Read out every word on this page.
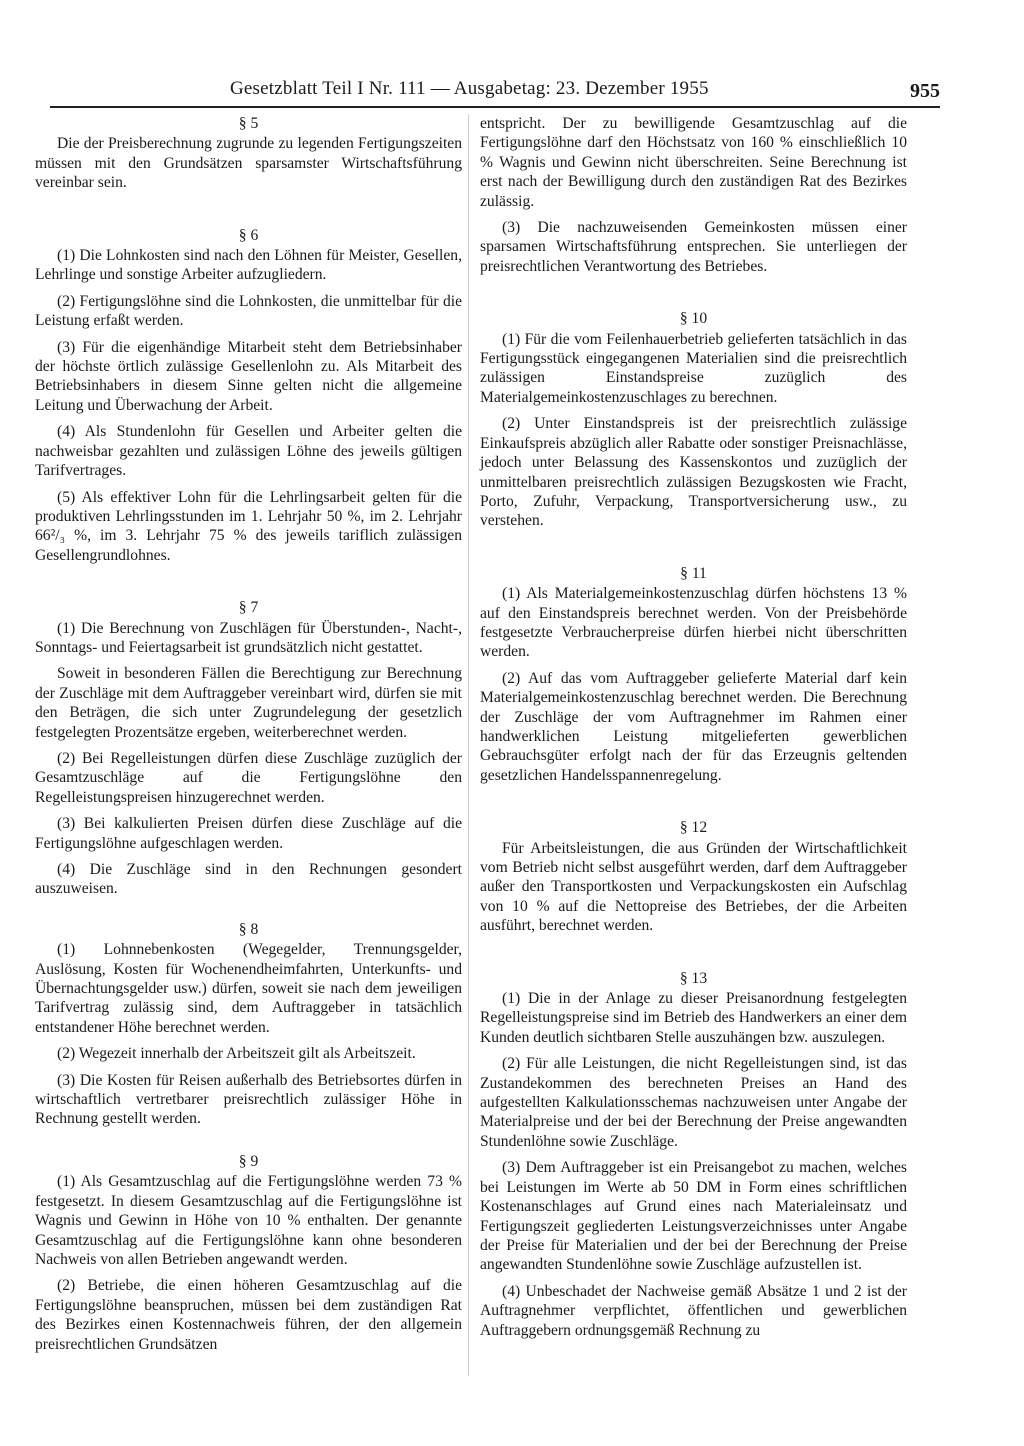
Gesetzblatt Teil I Nr. 111 — Ausgabetag: 23. Dezember 1955	955
§ 5

Die der Preisberechnung zugrunde zu legenden Fertigungszeiten müssen mit den Grundsätzen sparsamster Wirtschaftsführung vereinbar sein.

§ 6

(1) Die Lohnkosten sind nach den Löhnen für Meister, Gesellen, Lehrlinge und sonstige Arbeiter aufzugliedern.

(2) Fertigungslöhne sind die Lohnkosten, die unmittelbar für die Leistung erfaßt werden.

(3) Für die eigenhändige Mitarbeit steht dem Betriebsinhaber der höchste örtlich zulässige Gesellenlohn zu. Als Mitarbeit des Betriebsinhabers in diesem Sinne gelten nicht die allgemeine Leitung und Überwachung der Arbeit.

(4) Als Stundenlohn für Gesellen und Arbeiter gelten die nachweisbar gezahlten und zulässigen Löhne des jeweils gültigen Tarifvertrages.

(5) Als effektiver Lohn für die Lehrlingsarbeit gelten für die produktiven Lehrlingsstunden im 1. Lehrjahr 50 %, im 2. Lehrjahr 66²/₃ %, im 3. Lehrjahr 75 % des jeweils tariflich zulässigen Gesellengrundlohnes.

§ 7

(1) Die Berechnung von Zuschlägen für Überstunden-, Nacht-, Sonntags- und Feiertagsarbeit ist grundsätzlich nicht gestattet.

Soweit in besonderen Fällen die Berechtigung zur Berechnung der Zuschläge mit dem Auftraggeber vereinbart wird, dürfen sie mit den Beträgen, die sich unter Zugrundelegung der gesetzlich festgelegten Prozentsätze ergeben, weiterberechnet werden.

(2) Bei Regelleistungen dürfen diese Zuschläge zuzüglich der Gesamtzuschläge auf die Fertigungslöhne den Regelleistungspreisen hinzugerechnet werden.

(3) Bei kalkulierten Preisen dürfen diese Zuschläge auf die Fertigungslöhne aufgeschlagen werden.

(4) Die Zuschläge sind in den Rechnungen gesondert auszuweisen.

§ 8

(1) Lohnnebenkosten (Wegegelder, Trennungsgelder, Auslösung, Kosten für Wochenendheimfahrten, Unterkunfts- und Übernachtungsgelder usw.) dürfen, soweit sie nach dem jeweiligen Tarifvertrag zulässig sind, dem Auftraggeber in tatsächlich entstandener Höhe berechnet werden.

(2) Wegezeit innerhalb der Arbeitszeit gilt als Arbeitszeit.

(3) Die Kosten für Reisen außerhalb des Betriebsortes dürfen in wirtschaftlich vertretbarer preisrechtlich zulässiger Höhe in Rechnung gestellt werden.

§ 9

(1) Als Gesamtzuschlag auf die Fertigungslöhne werden 73 % festgesetzt. In diesem Gesamtzuschlag auf die Fertigungslöhne ist Wagnis und Gewinn in Höhe von 10 % enthalten. Der genannte Gesamtzuschlag auf die Fertigungslöhne kann ohne besonderen Nachweis von allen Betrieben angewandt werden.

(2) Betriebe, die einen höheren Gesamtzuschlag auf die Fertigungslöhne beanspruchen, müssen bei dem zuständigen Rat des Bezirkes einen Kostennachweis führen, der den allgemein preisrechtlichen Grundsätzen

entspricht. Der zu bewilligende Gesamtzuschlag auf die Fertigungslöhne darf den Höchstsatz von 160 % einschließlich 10 % Wagnis und Gewinn nicht überschreiten. Seine Berechnung ist erst nach der Bewilligung durch den zuständigen Rat des Bezirkes zulässig.

(3) Die nachzuweisenden Gemeinkosten müssen einer sparsamen Wirtschaftsführung entsprechen. Sie unterliegen der preisrechtlichen Verantwortung des Betriebes.

§ 10

(1) Für die vom Feilenhauerbetrieb gelieferten tatsächlich in das Fertigungsstück eingegangenen Materialien sind die preisrechtlich zulässigen Einstandspreise zuzüglich des Materialgemeinkostenzuschlages zu berechnen.

(2) Unter Einstandspreis ist der preisrechtlich zulässige Einkaufspreis abzüglich aller Rabatte oder sonstiger Preisnachlässe, jedoch unter Belassung des Kassenskontos und zuzüglich der unmittelbaren preisrechtlich zulässigen Bezugskosten wie Fracht, Porto, Zufuhr, Verpackung, Transportversicherung usw., zu verstehen.

§ 11

(1) Als Materialgemeinkostenzuschlag dürfen höchstens 13 % auf den Einstandspreis berechnet werden. Von der Preisbehörde festgesetzte Verbraucherpreise dürfen hierbei nicht überschritten werden.

(2) Auf das vom Auftraggeber gelieferte Material darf kein Materialgemeinkostenzuschlag berechnet werden. Die Berechnung der Zuschläge der vom Auftragnehmer im Rahmen einer handwerklichen Leistung mitgelieferten gewerblichen Gebrauchsgüter erfolgt nach der für das Erzeugnis geltenden gesetzlichen Handelsspannenregelung.

§ 12

Für Arbeitsleistungen, die aus Gründen der Wirtschaftlichkeit vom Betrieb nicht selbst ausgeführt werden, darf dem Auftraggeber außer den Transportkosten und Verpackungskosten ein Aufschlag von 10 % auf die Nettopreise des Betriebes, der die Arbeiten ausführt, berechnet werden.

§ 13

(1) Die in der Anlage zu dieser Preisanordnung festgelegten Regelleistungspreise sind im Betrieb des Handwerkers an einer dem Kunden deutlich sichtbaren Stelle auszuhängen bzw. auszulegen.

(2) Für alle Leistungen, die nicht Regelleistungen sind, ist das Zustandekommen des berechneten Preises an Hand des aufgestellten Kalkulationsschemas nachzuweisen unter Angabe der Materialpreise und der bei der Berechnung der Preise angewandten Stundenlöhne sowie Zuschläge.

(3) Dem Auftraggeber ist ein Preisangebot zu machen, welches bei Leistungen im Werte ab 50 DM in Form eines schriftlichen Kostenanschlages auf Grund eines nach Materialeinsatz und Fertigungszeit gegliederten Leistungsverzeichnisses unter Angabe der Preise für Materialien und der bei der Berechnung der Preise angewandten Stundenlöhne sowie Zuschläge aufzustellen ist.

(4) Unbeschadet der Nachweise gemäß Absätze 1 und 2 ist der Auftragnehmer verpflichtet, öffentlichen und gewerblichen Auftraggebern ordnungsgemäß Rechnung zu
